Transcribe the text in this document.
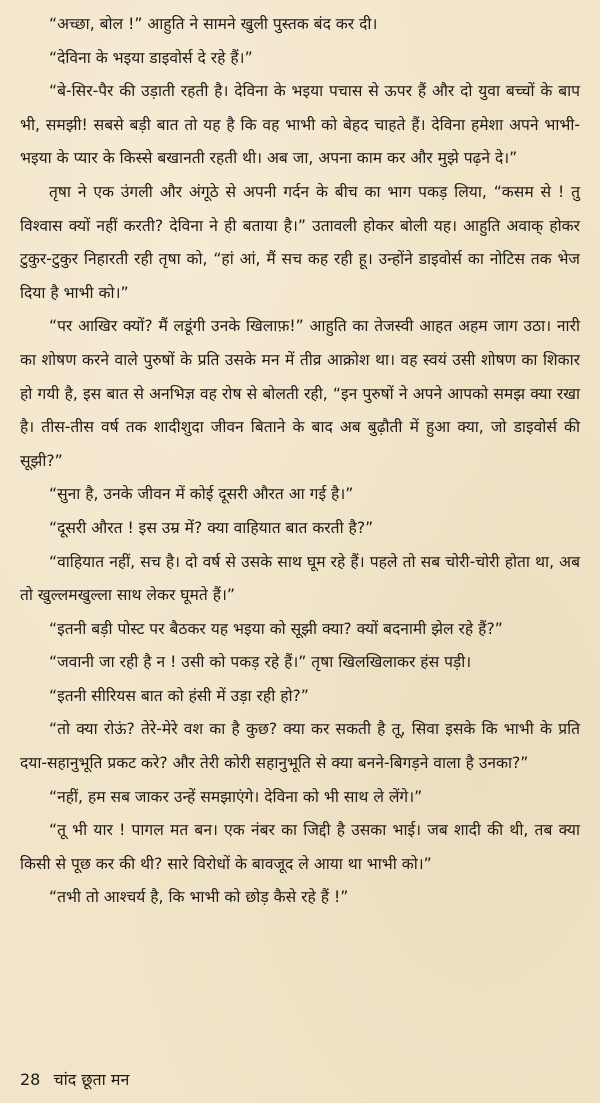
“अच्छा, बोल !” आहुति ने सामने खुली पुस्तक बंद कर दी।

“देविना के भइया डाइवोर्स दे रहे हैं।”

“बे-सिर-पैर की उड़ाती रहती है। देविना के भइया पचास से ऊपर हैं और दो युवा बच्चों के बाप भी, समझी! सबसे बड़ी बात तो यह है कि वह भाभी को बेहद चाहते हैं। देविना हमेशा अपने भाभी-भइया के प्यार के किस्से बखानती रहती थी। अब जा, अपना काम कर और मुझे पढ़ने दे।”

तृषा ने एक उंगली और अंगूठे से अपनी गर्दन के बीच का भाग पकड़ लिया, “कसम से ! तु विश्वास क्यों नहीं करती? देविना ने ही बताया है।” उतावली होकर बोली यह। आहुति अवाक् होकर टुकुर-टुकुर निहारती रही तृषा को, “हां आं, मैं सच कह रही हू। उन्होंने डाइवोर्स का नोटिस तक भेज दिया है भाभी को।”

“पर आखिर क्यों? मैं लडूंगी उनके खिलाफ़!” आहुति का तेजस्वी आहत अहम जाग उठा। नारी का शोषण करने वाले पुरुषों के प्रति उसके मन में तीव्र आक्रोश था। वह स्वयं उसी शोषण का शिकार हो गयी है, इस बात से अनभिज्ञ वह रोष से बोलती रही, “इन पुरुषों ने अपने आपको समझ क्या रखा है। तीस-तीस वर्ष तक शादीशुदा जीवन बिताने के बाद अब बुढ़ौती में हुआ क्या, जो डाइवोर्स की सूझी?”

“सुना है, उनके जीवन में कोई दूसरी औरत आ गई है।”

“दूसरी औरत ! इस उम्र में? क्या वाहियात बात करती है?”

“वाहियात नहीं, सच है। दो वर्ष से उसके साथ घूम रहे हैं। पहले तो सब चोरी-चोरी होता था, अब तो खुल्लमखुल्ला साथ लेकर घूमते हैं।”

“इतनी बड़ी पोस्ट पर बैठकर यह भइया को सूझी क्या? क्यों बदनामी झेल रहे हैं?”

“जवानी जा रही है न ! उसी को पकड़ रहे हैं।” तृषा खिलखिलाकर हंस पड़ी।

“इतनी सीरियस बात को हंसी में उड़ा रही हो?”

“तो क्या रोऊं? तेरे-मेरे वश का है कुछ? क्या कर सकती है तू, सिवा इसके कि भाभी के प्रति दया-सहानुभूति प्रकट करे? और तेरी कोरी सहानुभूति से क्या बनने-बिगड़ने वाला है उनका?”

“नहीं, हम सब जाकर उन्हें समझाएंगे। देविना को भी साथ ले लेंगे।”

“तू भी यार ! पागल मत बन। एक नंबर का जिद्दी है उसका भाई। जब शादी की थी, तब क्या किसी से पूछ कर की थी? सारे विरोधों के बावजूद ले आया था भाभी को।”

“तभी तो आश्चर्य है, कि भाभी को छोड़ कैसे रहे हैं !”

28 चांद छूता मन
